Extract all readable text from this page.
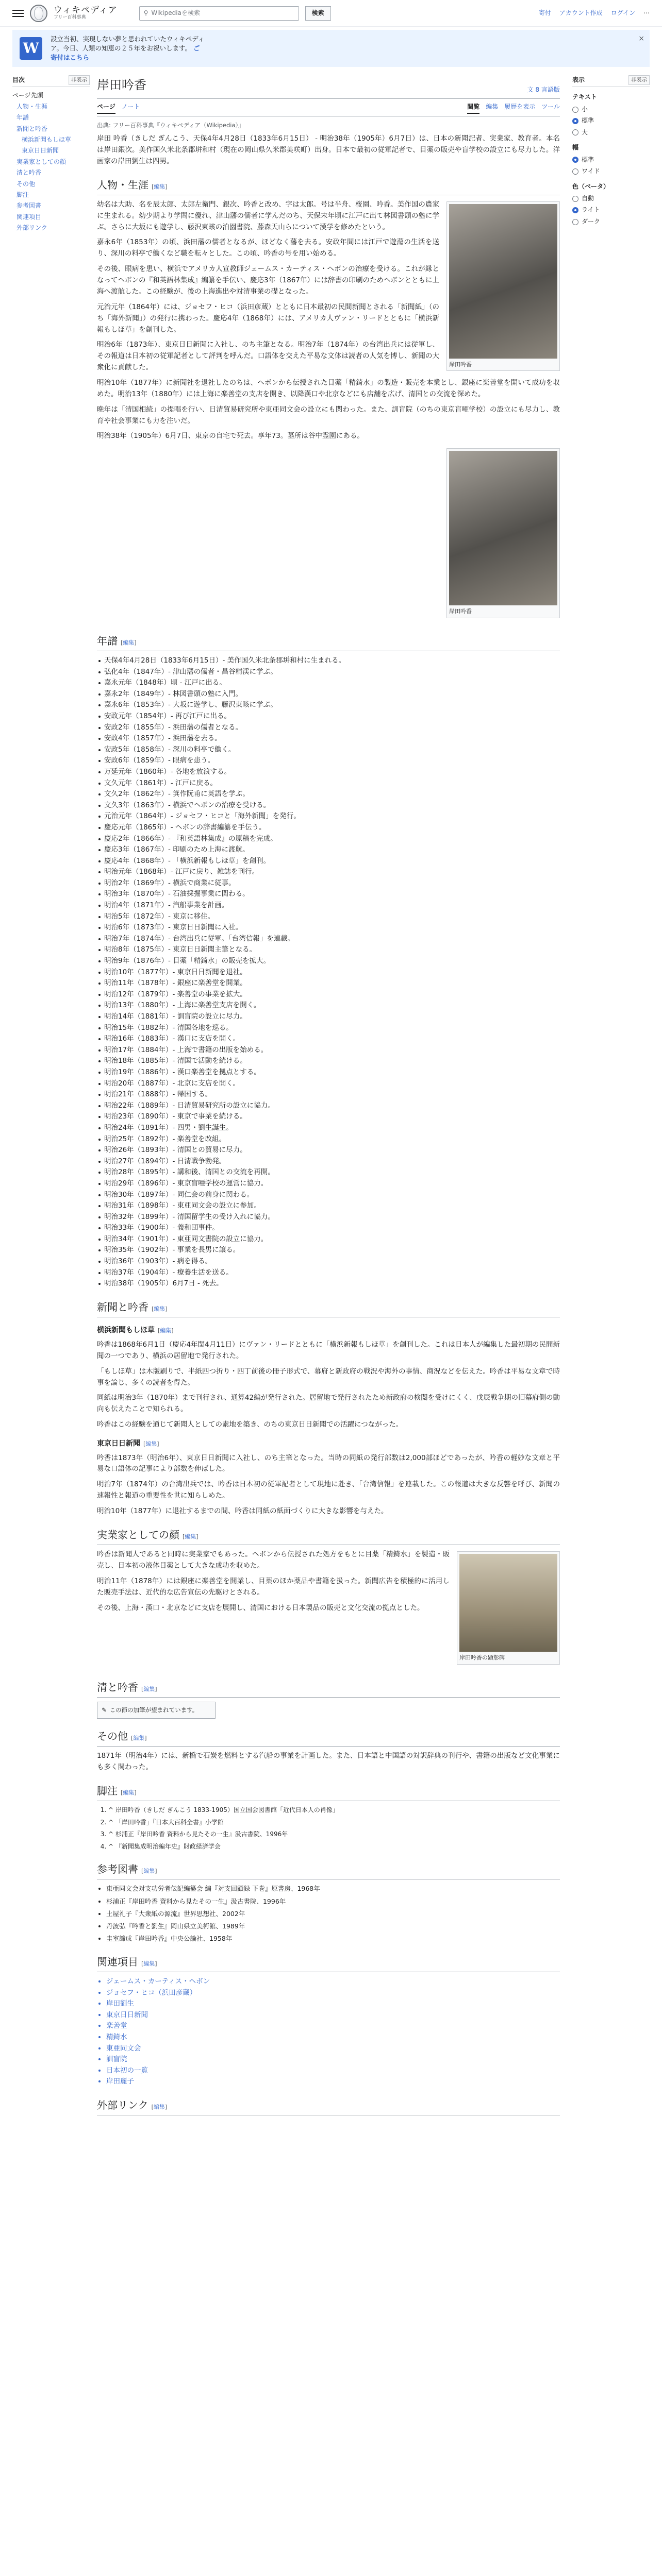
ウィキペディア
フリー百科事典
⚲ Wikipediaを検索	検索	寄付 アカウント作成 ログイン ⋯
W
設立当初、実現しない夢と思われていたウィキペディア。今日、人類の知恵の２５年をお祝いします。 ご寄付はこちら
×
目次	非表示
ページ先頭
人物・生涯
年譜
新聞と吟香
横浜新聞もしほ草
東京日日新聞
実業家としての顔
清と吟香
その他
脚注
参考図書
関連項目
外部リンク
岸田吟香	文 8 言語版
ページ ノート	閲覧 編集 履歴を表示 ツール
出典: フリー百科事典『ウィキペディア（Wikipedia）』

岸田 吟香（きしだ ぎんこう、天保4年4月28日（1833年6月15日） - 明治38年（1905年）6月7日）は、日本の新聞記者、実業家、教育者。本名は岸田銀次。美作国久米北条郡垪和村（現在の岡山県久米郡美咲町）出身。日本で最初の従軍記者で、目薬の販売や盲学校の設立にも尽力した。洋画家の岸田劉生は四男。

人物・生涯 [編集]
岸田吟香

幼名は大助、名を辰太郎、太郎左衛門、銀次、吟香と改め、字は太郎。号は半舟、桜園、吟香。美作国の農家に生まれる。幼少期より学問に優れ、津山藩の儒者に学んだのち、天保末年頃に江戸に出て林図書頭の塾に学ぶ。さらに大坂にも遊学し、藤沢東畡の泊園書院、藤森天山らについて漢学を修めたという。

嘉永6年（1853年）の頃、浜田藩の儒者となるが、ほどなく藩を去る。安政年間には江戸で遊蕩の生活を送り、深川の料亭で働くなど職を転々とした。この頃、吟香の号を用い始める。

その後、眼病を患い、横浜でアメリカ人宣教師ジェームス・カーティス・ヘボンの治療を受ける。これが縁となってヘボンの『和英語林集成』編纂を手伝い、慶応3年（1867年）には辞書の印刷のためヘボンとともに上海へ渡航した。この経験が、後の上海進出や対清事業の礎となった。

元治元年（1864年）には、ジョセフ・ヒコ（浜田彦蔵）とともに日本最初の民間新聞とされる「新聞紙」（のち「海外新聞」）の発行に携わった。慶応4年（1868年）には、アメリカ人ヴァン・リードとともに「横浜新報もしほ草」を創刊した。

明治6年（1873年）、東京日日新聞に入社し、のち主筆となる。明治7年（1874年）の台湾出兵には従軍し、その報道は日本初の従軍記者として評判を呼んだ。口語体を交えた平易な文体は読者の人気を博し、新聞の大衆化に貢献した。

明治10年（1877年）に新聞社を退社したのちは、ヘボンから伝授された目薬「精錡水」の製造・販売を本業とし、銀座に楽善堂を開いて成功を収めた。明治13年（1880年）には上海に楽善堂の支店を開き、以降漢口や北京などにも店舗を広げ、清国との交流を深めた。

晩年は「清国相続」の提唱を行い、日清貿易研究所や東亜同文会の設立にも関わった。また、訓盲院（のちの東京盲唖学校）の設立にも尽力し、教育や社会事業にも力を注いだ。

明治38年（1905年）6月7日、東京の自宅で死去。享年73。墓所は谷中霊園にある。

岸田吟香
年譜 [編集]
天保4年4月28日（1833年6月15日）- 美作国久米北条郡垪和村に生まれる。
弘化4年（1847年）- 津山藩の儒者・昌谷精渓に学ぶ。
嘉永元年（1848年）頃 - 江戸に出る。
嘉永2年（1849年）- 林図書頭の塾に入門。
嘉永6年（1853年）- 大坂に遊学し、藤沢東畡に学ぶ。
安政元年（1854年）- 再び江戸に出る。
安政2年（1855年）- 浜田藩の儒者となる。
安政4年（1857年）- 浜田藩を去る。
安政5年（1858年）- 深川の料亭で働く。
安政6年（1859年）- 眼病を患う。
万延元年（1860年）- 各地を放浪する。
文久元年（1861年）- 江戸に戻る。
文久2年（1862年）- 箕作阮甫に英語を学ぶ。
文久3年（1863年）- 横浜でヘボンの治療を受ける。
元治元年（1864年）- ジョセフ・ヒコと「海外新聞」を発行。
慶応元年（1865年）- ヘボンの辞書編纂を手伝う。
慶応2年（1866年）- 『和英語林集成』の原稿を完成。
慶応3年（1867年）- 印刷のため上海に渡航。
慶応4年（1868年）- 「横浜新報もしほ草」を創刊。
明治元年（1868年）- 江戸に戻り、雑誌を刊行。
明治2年（1869年）- 横浜で商業に従事。
明治3年（1870年）- 石油採掘事業に関わる。
明治4年（1871年）- 汽船事業を計画。
明治5年（1872年）- 東京に移住。
明治6年（1873年）- 東京日日新聞に入社。
明治7年（1874年）- 台湾出兵に従軍。「台湾信報」を連載。
明治8年（1875年）- 東京日日新聞主筆となる。
明治9年（1876年）- 目薬「精錡水」の販売を拡大。
明治10年（1877年）- 東京日日新聞を退社。
明治11年（1878年）- 銀座に楽善堂を開業。
明治12年（1879年）- 楽善堂の事業を拡大。
明治13年（1880年）- 上海に楽善堂支店を開く。
明治14年（1881年）- 訓盲院の設立に尽力。
明治15年（1882年）- 清国各地を巡る。
明治16年（1883年）- 漢口に支店を開く。
明治17年（1884年）- 上海で書籍の出版を始める。
明治18年（1885年）- 清国で活動を続ける。
明治19年（1886年）- 漢口楽善堂を拠点とする。
明治20年（1887年）- 北京に支店を開く。
明治21年（1888年）- 帰国する。
明治22年（1889年）- 日清貿易研究所の設立に協力。
明治23年（1890年）- 東京で事業を続ける。
明治24年（1891年）- 四男・劉生誕生。
明治25年（1892年）- 楽善堂を改組。
明治26年（1893年）- 清国との貿易に尽力。
明治27年（1894年）- 日清戦争勃発。
明治28年（1895年）- 講和後、清国との交流を再開。
明治29年（1896年）- 東京盲唖学校の運営に協力。
明治30年（1897年）- 同仁会の前身に関わる。
明治31年（1898年）- 東亜同文会の設立に参加。
明治32年（1899年）- 清国留学生の受け入れに協力。
明治33年（1900年）- 義和団事件。
明治34年（1901年）- 東亜同文書院の設立に協力。
明治35年（1902年）- 事業を長男に譲る。
明治36年（1903年）- 病を得る。
明治37年（1904年）- 療養生活を送る。
明治38年（1905年）6月7日 - 死去。
新聞と吟香 [編集]
横浜新聞もしほ草 [編集]

吟香は1868年6月1日（慶応4年閏4月11日）にヴァン・リードとともに「横浜新報もしほ草」を創刊した。これは日本人が編集した最初期の民間新聞の一つであり、横浜の居留地で発行された。

「もしほ草」は木版刷りで、半紙四つ折り・四丁前後の冊子形式で、幕府と新政府の戦況や海外の事情、商況などを伝えた。吟香は平易な文章で時事を論じ、多くの読者を得た。

同紙は明治3年（1870年）まで刊行され、通算42編が発行された。居留地で発行されたため新政府の検閲を受けにくく、戊辰戦争期の旧幕府側の動向も伝えたことで知られる。

吟香はこの経験を通じて新聞人としての素地を築き、のちの東京日日新聞での活躍につながった。

東京日日新聞 [編集]

吟香は1873年（明治6年）、東京日日新聞に入社し、のち主筆となった。当時の同紙の発行部数は2,000部ほどであったが、吟香の軽妙な文章と平易な口語体の記事により部数を伸ばした。

明治7年（1874年）の台湾出兵では、吟香は日本初の従軍記者として現地に赴き、「台湾信報」を連載した。この報道は大きな反響を呼び、新聞の速報性と報道の重要性を世に知らしめた。

明治10年（1877年）に退社するまでの間、吟香は同紙の紙面づくりに大きな影響を与えた。

実業家としての顔 [編集]
岸田吟香の顕彰碑

吟香は新聞人であると同時に実業家でもあった。ヘボンから伝授された処方をもとに目薬「精錡水」を製造・販売し、日本初の液体目薬として大きな成功を収めた。

明治11年（1878年）には銀座に楽善堂を開業し、目薬のほか薬品や書籍を扱った。新聞広告を積極的に活用した販売手法は、近代的な広告宣伝の先駆けとされる。

その後、上海・漢口・北京などに支店を展開し、清国における日本製品の販売と文化交流の拠点とした。

清と吟香 [編集]
✎ この節の加筆が望まれています。
その他 [編集]

1871年（明治4年）には、新橋で石炭を燃料とする汽船の事業を計画した。また、日本語と中国語の対訳辞典の刊行や、書籍の出版など文化事業にも多く関わった。

脚注 [編集]
1. ^ 岸田吟香（きしだ ぎんこう 1833-1905）国立国会図書館「近代日本人の肖像」
2. ^ 「岸田吟香」『日本大百科全書』小学館
3. ^ 杉浦正『岸田吟香 資料から見たその一生』汲古書院、1996年
4. ^ 『新聞集成明治編年史』財政経済学会
参考図書 [編集]
• 東亜同文会対支功労者伝記編纂会 編『対支回顧録 下巻』原書房、1968年
• 杉浦正『岸田吟香 資料から見たその一生』汲古書院、1996年
• 土屋礼子『大衆紙の源流』世界思想社、2002年
• 丹波弘『吟香と劉生』岡山県立美術館、1989年
• 圭室諦成『岸田吟香』中央公論社、1958年
関連項目 [編集]
• ジェームス・カーティス・ヘボン
• ジョセフ・ヒコ（浜田彦蔵）
• 岸田劉生
• 東京日日新聞
• 楽善堂
• 精錡水
• 東亜同文会
• 訓盲院
• 日本初の一覧
• 岸田麗子
外部リンク [編集]
表示	非表示
テキスト
小
標準
大
幅
標準
ワイド
色（ベータ）
自動
ライト
ダーク
